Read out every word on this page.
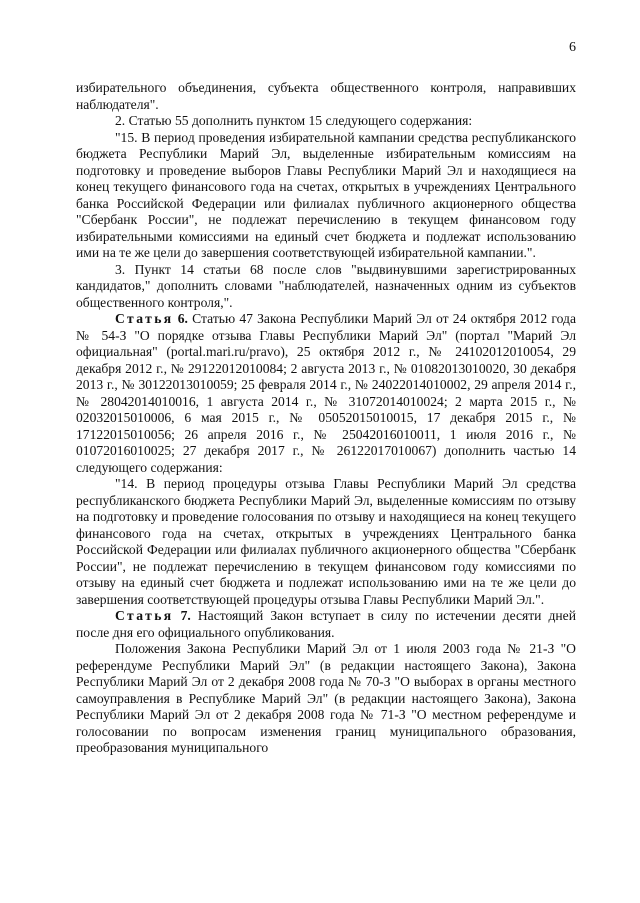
6

избирательного объединения, субъекта общественного контроля, направивших наблюдателя".

2. Статью 55 дополнить пунктом 15 следующего содержания:

"15. В период проведения избирательной кампании средства республиканского бюджета Республики Марий Эл, выделенные избирательным комиссиям на подготовку и проведение выборов Главы Республики Марий Эл и находящиеся на конец текущего финансового года на счетах, открытых в учреждениях Центрального банка Российской Федерации или филиалах публичного акционерного общества "Сбербанк России", не подлежат перечислению в текущем финансовом году избирательными комиссиями на единый счет бюджета и подлежат использованию ими на те же цели до завершения соответствующей избирательной кампании.".

3. Пункт 14 статьи 68 после слов "выдвинувшими зарегистрированных кандидатов," дополнить словами "наблюдателей, назначенных одним из субъектов общественного контроля,".

Статья 6. Статью 47 Закона Республики Марий Эл от 24 октября 2012 года № 54-З "О порядке отзыва Главы Республики Марий Эл" (портал "Марий Эл официальная" (portal.mari.ru/pravo), 25 октября 2012 г., № 24102012010054, 29 декабря 2012 г., № 29122012010084; 2 августа 2013 г., № 01082013010020, 30 декабря 2013 г., № 30122013010059; 25 февраля 2014 г., № 24022014010002, 29 апреля 2014 г., № 28042014010016, 1 августа 2014 г., № 31072014010024; 2 марта 2015 г., № 02032015010006, 6 мая 2015 г., № 05052015010015, 17 декабря 2015 г., № 17122015010056; 26 апреля 2016 г., № 25042016010011, 1 июля 2016 г., № 01072016010025; 27 декабря 2017 г., № 26122017010067) дополнить частью 14 следующего содержания:

"14. В период процедуры отзыва Главы Республики Марий Эл средства республиканского бюджета Республики Марий Эл, выделенные комиссиям по отзыву на подготовку и проведение голосования по отзыву и находящиеся на конец текущего финансового года на счетах, открытых в учреждениях Центрального банка Российской Федерации или филиалах публичного акционерного общества "Сбербанк России", не подлежат перечислению в текущем финансовом году комиссиями по отзыву на единый счет бюджета и подлежат использованию ими на те же цели до завершения соответствующей процедуры отзыва Главы Республики Марий Эл.".

Статья 7. Настоящий Закон вступает в силу по истечении десяти дней после дня его официального опубликования.

Положения Закона Республики Марий Эл от 1 июля 2003 года № 21-З "О референдуме Республики Марий Эл" (в редакции настоящего Закона), Закона Республики Марий Эл от 2 декабря 2008 года № 70-З "О выборах в органы местного самоуправления в Республике Марий Эл" (в редакции настоящего Закона), Закона Республики Марий Эл от 2 декабря 2008 года № 71-З "О местном референдуме и голосовании по вопросам изменения границ муниципального образования, преобразования муниципального
